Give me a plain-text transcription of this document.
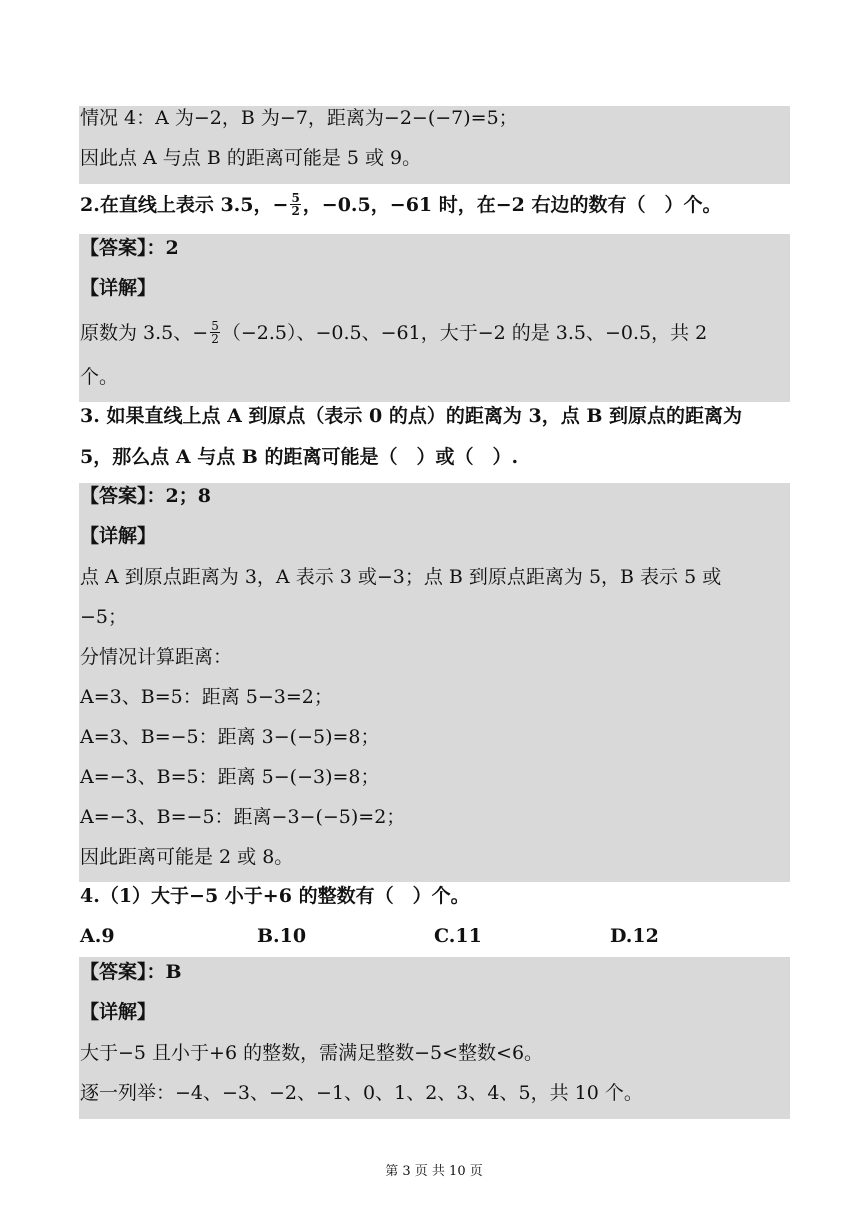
情况 4：A 为−2，B 为−7，距离为−2−(−7)=5；
因此点 A 与点 B 的距离可能是 5 或 9。
2.在直线上表示 3.5，− $\frac{5}{2}$ ，−0.5，−61 时，在−2 右边的数有（　）个。
【答案】：2
【详解】
原数为 3.5、− $\frac{5}{2} (-2.5)$、−0.5、−61，大于−2 的是 3.5、−0.5，共 2
个。
3. 如果直线上点 A 到原点（表示 0 的点）的距离为 3，点 B 到原点的距离为
5，那么点 A 与点 B 的距离可能是（　）或（　）.
【答案】：2；8
【详解】
点 A 到原点距离为 3，A 表示 3 或−3；点 B 到原点距离为 5，B 表示 5 或
−5；
分情况计算距离：
A=3、B=5：距离 5−3=2；
A=3、B=−5：距离 3−(−5)=8；
A=−3、B=5：距离 5−(−3)=8；
A=−3、B=−5：距离−3−(−5)=2；
因此距离可能是 2 或 8。
4.（1）大于−5 小于+6 的整数有（　）个。
A.9	B.10	C.11	D.12
【答案】：B
【详解】
大于−5 且小于+6 的整数，需满足整数−5<整数<6。
逐一列举：−4、−3、−2、−1、0、1、2、3、4、5，共 10 个。
第 3 页 共 10 页
